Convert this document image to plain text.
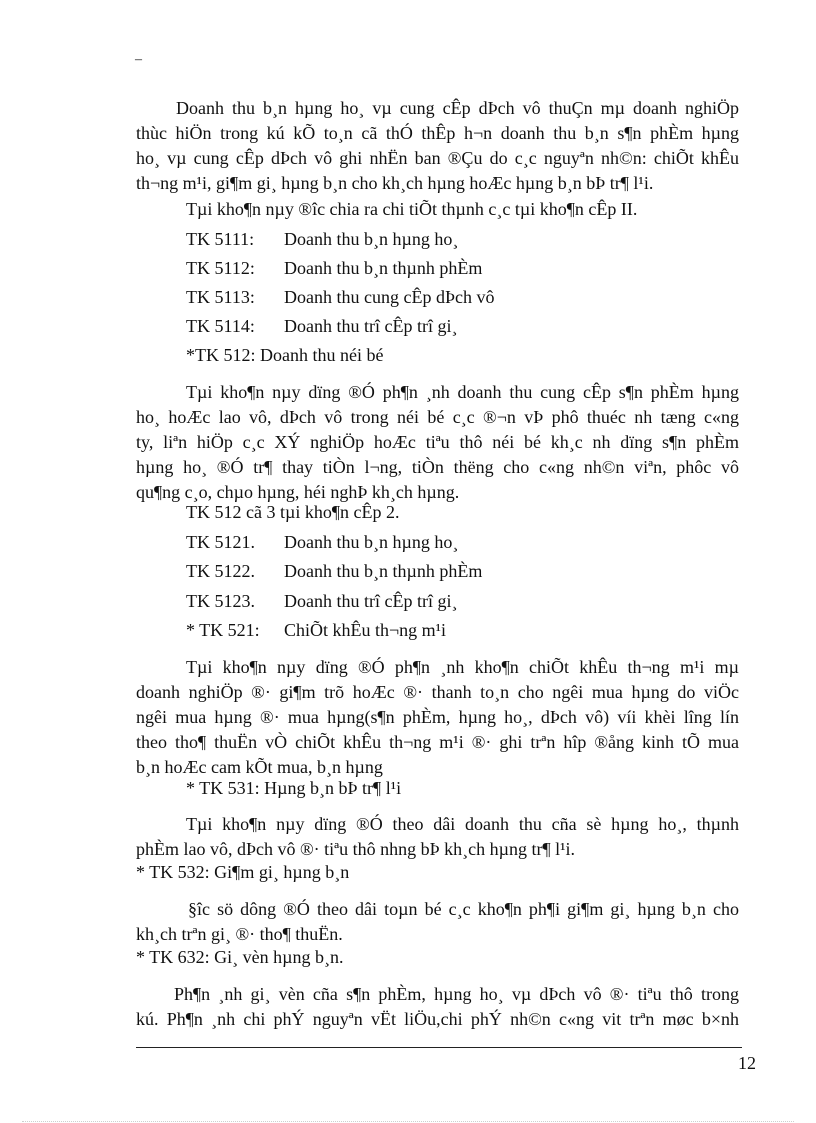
–
Doanh thu b¸n hµng ho¸ vµ cung cÊp dÞch vô thuÇn mµ doanh nghiÖp
thùc hiÖn trong kú kÕ to¸n cã thÓ thÊp h¬n doanh thu b¸n s¶n phÈm hµng
ho¸ vµ cung cÊp dÞch vô ghi nhËn ban ®Çu do c¸c nguyªn nh©n: chiÕt khÊu
th¬ng m¹i, gi¶m gi¸ hµng b¸n cho kh¸ch hµng hoÆc hµng b¸n bÞ tr¶ l¹i.
Tµi kho¶n nµy ®îc chia ra chi tiÕt thµnh c¸c tµi kho¶n cÊp II.
TK 5111: Doanh thu b¸n hµng ho¸
TK 5112: Doanh thu b¸n thµnh phÈm
TK 5113: Doanh thu cung cÊp dÞch vô
TK 5114: Doanh thu trî cÊp trî gi¸
*TK 512: Doanh thu néi bé
Tµi kho¶n nµy dïng ®Ó ph¶n ¸nh doanh thu cung cÊp s¶n phÈm hµng
ho¸ hoÆc lao vô, dÞch vô trong néi bé c¸c ®¬n vÞ phô thuéc nh tæng c«ng
ty, liªn hiÖp c¸c XÝ nghiÖp hoÆc tiªu thô néi bé kh¸c nh dïng s¶n phÈm
hµng ho¸ ®Ó tr¶ thay tiÒn l¬ng, tiÒn thëng cho c«ng nh©n viªn, phôc vô
qu¶ng c¸o, chµo hµng, héi nghÞ kh¸ch hµng.
TK 512 cã 3 tµi kho¶n cÊp 2.
TK 5121. Doanh thu b¸n hµng ho¸
TK 5122. Doanh thu b¸n thµnh phÈm
TK 5123. Doanh thu trî cÊp trî gi¸
* TK 521: ChiÕt khÊu th¬ng m¹i
Tµi kho¶n nµy dïng ®Ó ph¶n ¸nh kho¶n chiÕt khÊu th¬ng m¹i mµ
doanh nghiÖp ®· gi¶m trõ hoÆc ®· thanh to¸n cho ngêi mua hµng do viÖc
ngêi mua hµng ®· mua hµng(s¶n phÈm, hµng ho¸, dÞch vô) víi khèi lîng lín
theo tho¶ thuËn vÒ chiÕt khÊu th¬ng m¹i ®· ghi trªn hîp ®ång kinh tÕ mua
b¸n hoÆc cam kÕt mua, b¸n hµng
* TK 531: Hµng b¸n bÞ tr¶ l¹i
Tµi kho¶n nµy dïng ®Ó theo dâi doanh thu cña sè hµng ho¸, thµnh
phÈm lao vô, dÞch vô ®· tiªu thô nhng bÞ kh¸ch hµng tr¶ l¹i.
* TK 532: Gi¶m gi¸ hµng b¸n
§îc sö dông ®Ó theo dâi toµn bé c¸c kho¶n ph¶i gi¶m gi¸ hµng b¸n cho
kh¸ch trªn gi¸ ®· tho¶ thuËn.
* TK 632: Gi¸ vèn hµng b¸n.
Ph¶n ¸nh gi¸ vèn cña s¶n phÈm, hµng ho¸ vµ dÞch vô ®· tiªu thô trong
kú. Ph¶n ¸nh chi phÝ nguyªn vËt liÖu,chi phÝ nh©n c«ng vit trªn møc b×nh
12
